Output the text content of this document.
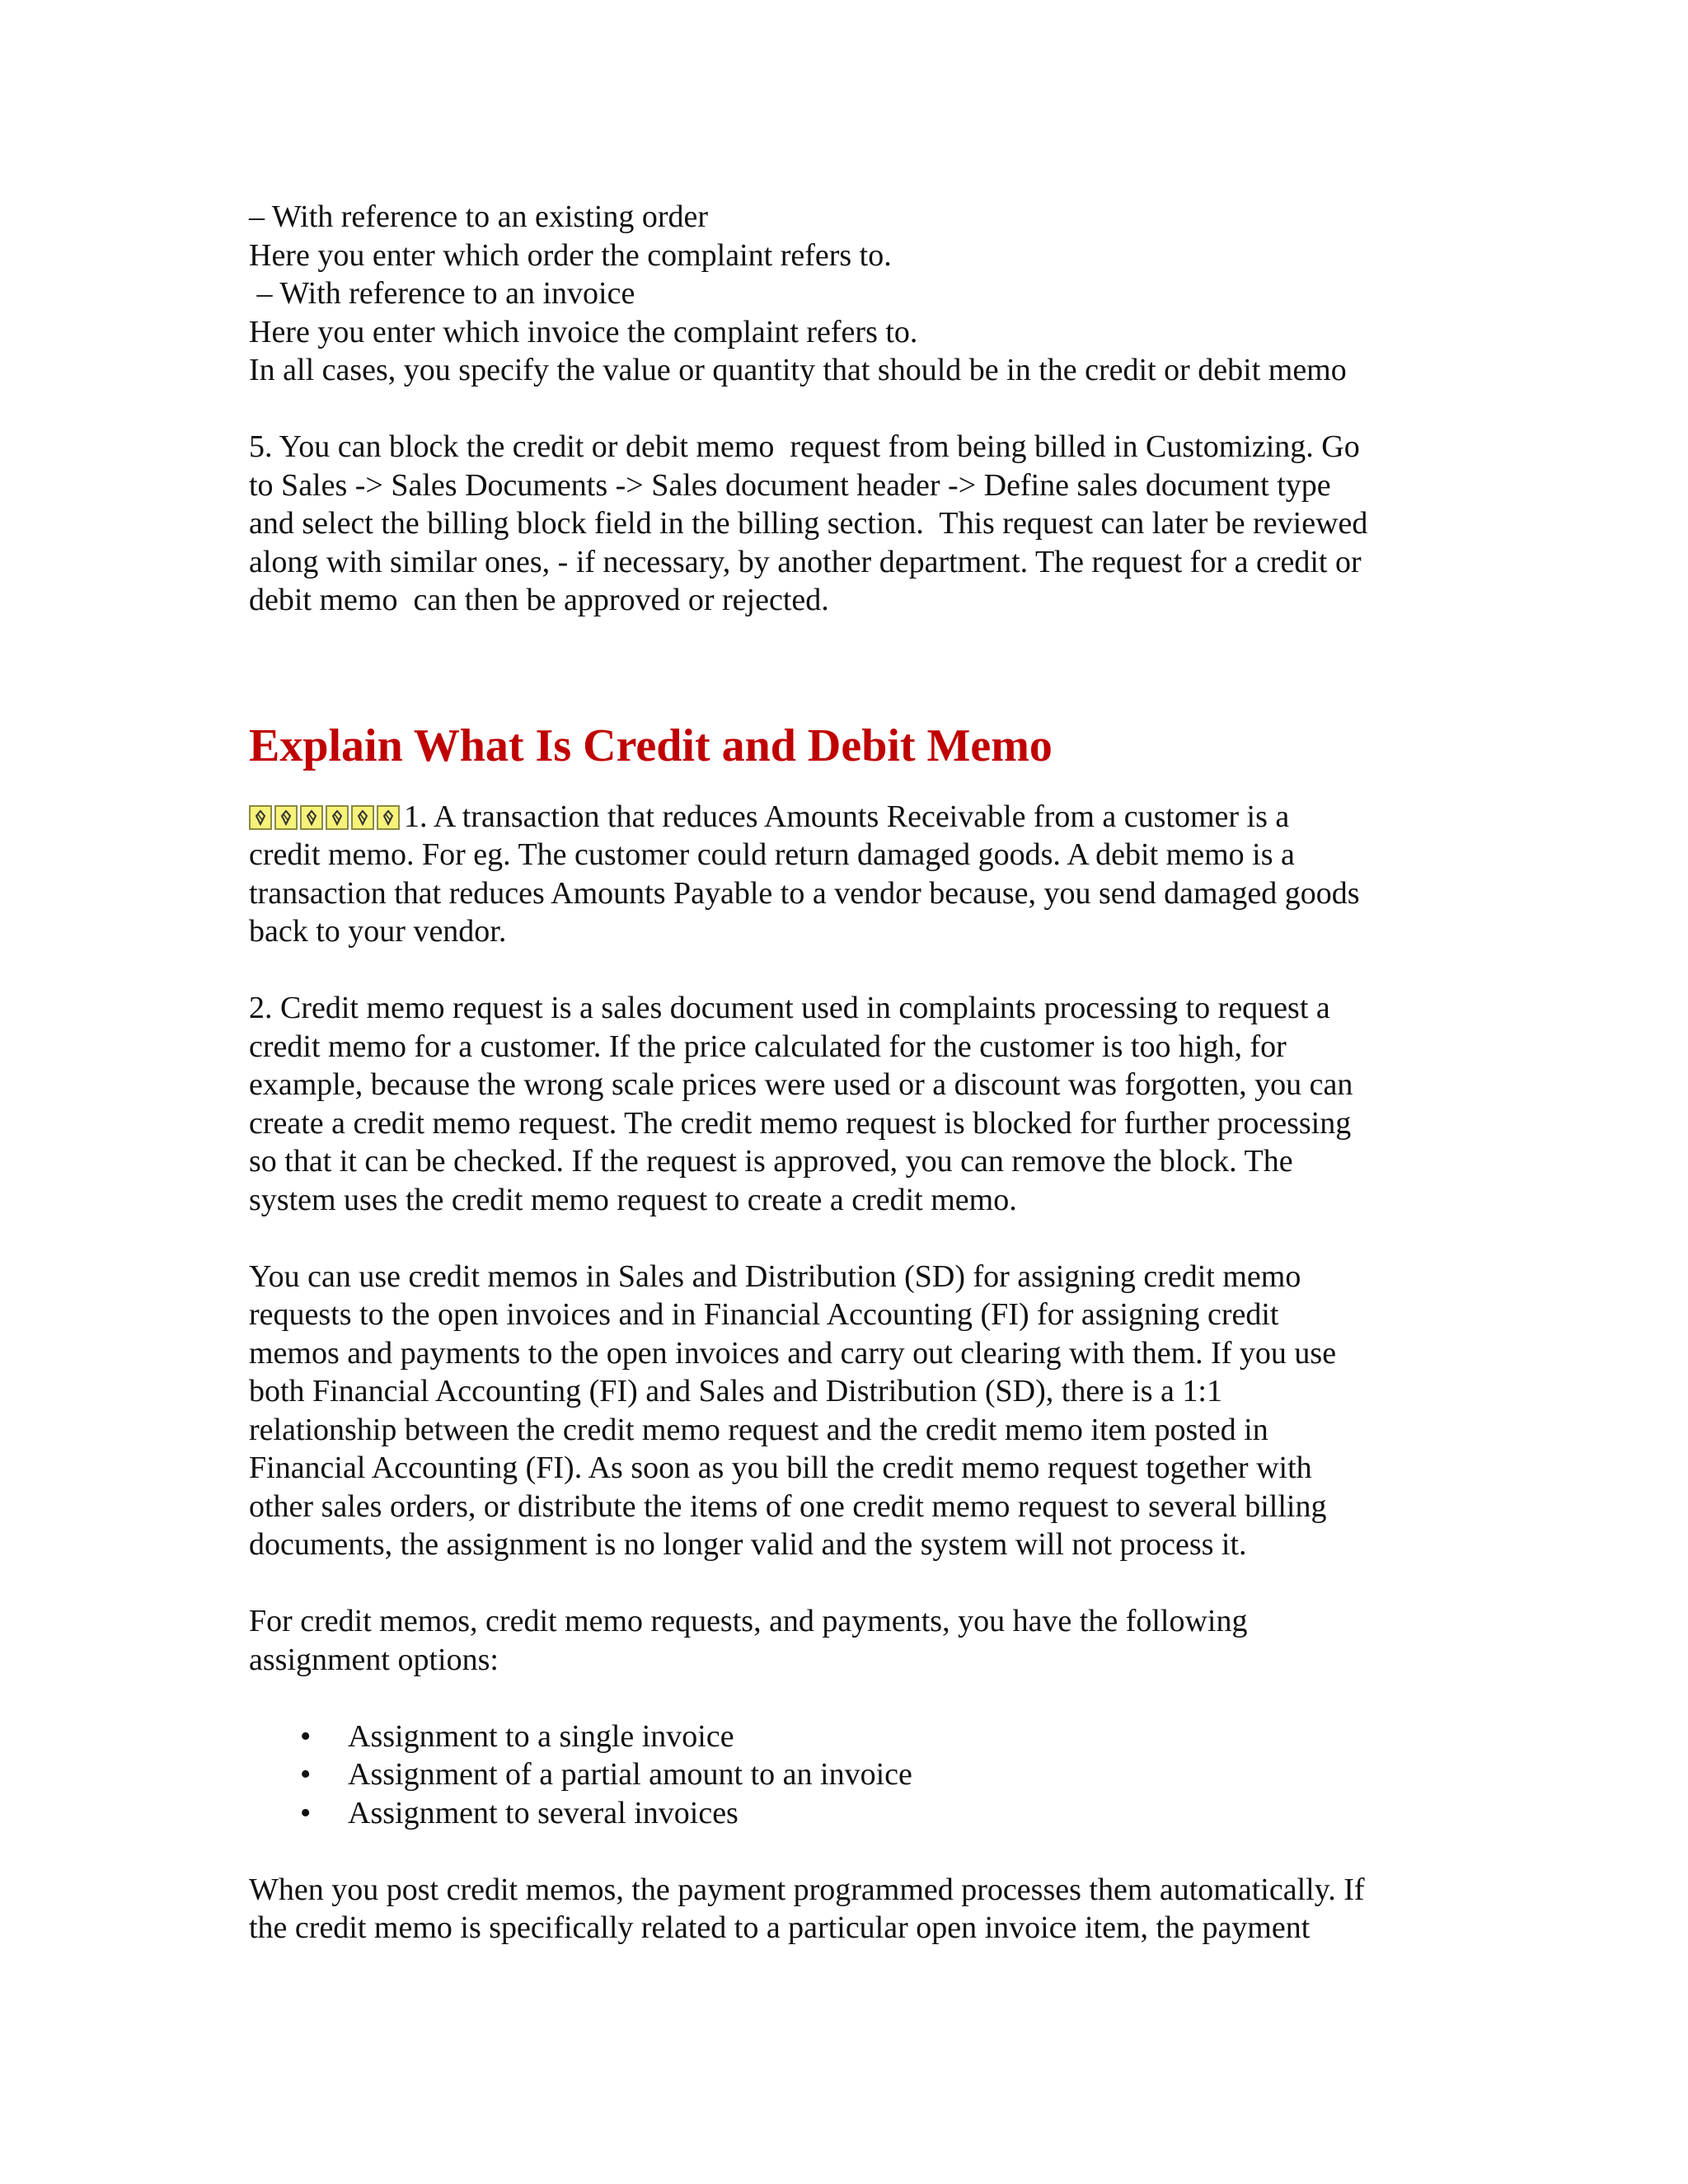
– With reference to an existing order

Here you enter which order the complaint refers to.

– With reference to an invoice

Here you enter which invoice the complaint refers to.

In all cases, you specify the value or quantity that should be in the credit or debit memo

5. You can block the credit or debit memo  request from being billed in Customizing. Go

to Sales -> Sales Documents -> Sales document header -> Define sales document type

and select the billing block field in the billing section.  This request can later be reviewed

along with similar ones, - if necessary, by another department. The request for a credit or

debit memo  can then be approved or rejected.

Explain What Is Credit and Debit Memo

1. A transaction that reduces Amounts Receivable from a customer is a

credit memo. For eg. The customer could return damaged goods. A debit memo is a

transaction that reduces Amounts Payable to a vendor because, you send damaged goods

back to your vendor.

2. Credit memo request is a sales document used in complaints processing to request a

credit memo for a customer. If the price calculated for the customer is too high, for

example, because the wrong scale prices were used or a discount was forgotten, you can

create a credit memo request. The credit memo request is blocked for further processing

so that it can be checked. If the request is approved, you can remove the block. The

system uses the credit memo request to create a credit memo.

You can use credit memos in Sales and Distribution (SD) for assigning credit memo

requests to the open invoices and in Financial Accounting (FI) for assigning credit

memos and payments to the open invoices and carry out clearing with them. If you use

both Financial Accounting (FI) and Sales and Distribution (SD), there is a 1:1

relationship between the credit memo request and the credit memo item posted in

Financial Accounting (FI). As soon as you bill the credit memo request together with

other sales orders, or distribute the items of one credit memo request to several billing

documents, the assignment is no longer valid and the system will not process it.

For credit memos, credit memo requests, and payments, you have the following

assignment options:

• Assignment to a single invoice
• Assignment of a partial amount to an invoice
• Assignment to several invoices

When you post credit memos, the payment programmed processes them automatically. If

the credit memo is specifically related to a particular open invoice item, the payment
